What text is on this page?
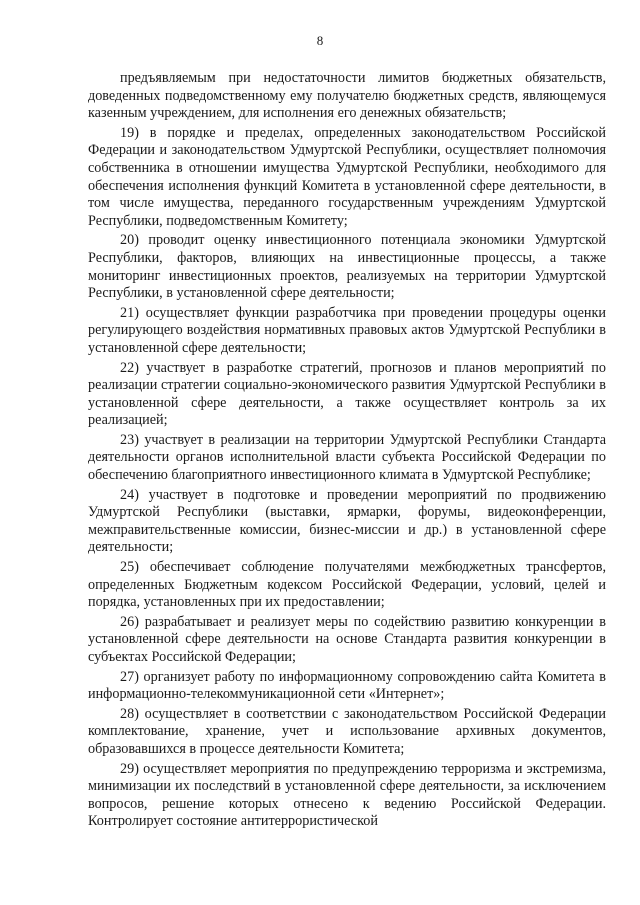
8

предъявляемым при недостаточности лимитов бюджетных обязательств, доведенных подведомственному ему получателю бюджетных средств, являющемуся казенным учреждением, для исполнения его денежных обязательств;

19) в порядке и пределах, определенных законодательством Российской Федерации и законодательством Удмуртской Республики, осуществляет полномочия собственника в отношении имущества Удмуртской Республики, необходимого для обеспечения исполнения функций Комитета в установленной сфере деятельности, в том числе имущества, переданного государственным учреждениям Удмуртской Республики, подведомственным Комитету;

20) проводит оценку инвестиционного потенциала экономики Удмуртской Республики, факторов, влияющих на инвестиционные процессы, а также мониторинг инвестиционных проектов, реализуемых на территории Удмуртской Республики, в установленной сфере деятельности;

21) осуществляет функции разработчика при проведении процедуры оценки регулирующего воздействия нормативных правовых актов Удмуртской Республики в установленной сфере деятельности;

22) участвует в разработке стратегий, прогнозов и планов мероприятий по реализации стратегии социально-экономического развития Удмуртской Республики в установленной сфере деятельности, а также осуществляет контроль за их реализацией;

23) участвует в реализации на территории Удмуртской Республики Стандарта деятельности органов исполнительной власти субъекта Российской Федерации по обеспечению благоприятного инвестиционного климата в Удмуртской Республике;

24) участвует в подготовке и проведении мероприятий по продвижению Удмуртской Республики (выставки, ярмарки, форумы, видеоконференции, межправительственные комиссии, бизнес-миссии и др.) в установленной сфере деятельности;

25) обеспечивает соблюдение получателями межбюджетных трансфертов, определенных Бюджетным кодексом Российской Федерации, условий, целей и порядка, установленных при их предоставлении;

26) разрабатывает и реализует меры по содействию развитию конкуренции в установленной сфере деятельности на основе Стандарта развития конкуренции в субъектах Российской Федерации;

27) организует работу по информационному сопровождению сайта Комитета в информационно-телекоммуникационной сети «Интернет»;

28) осуществляет в соответствии с законодательством Российской Федерации комплектование, хранение, учет и использование архивных документов, образовавшихся в процессе деятельности Комитета;

29) осуществляет мероприятия по предупреждению терроризма и экстремизма, минимизации их последствий в установленной сфере деятельности, за исключением вопросов, решение которых отнесено к ведению Российской Федерации. Контролирует состояние антитеррористической
